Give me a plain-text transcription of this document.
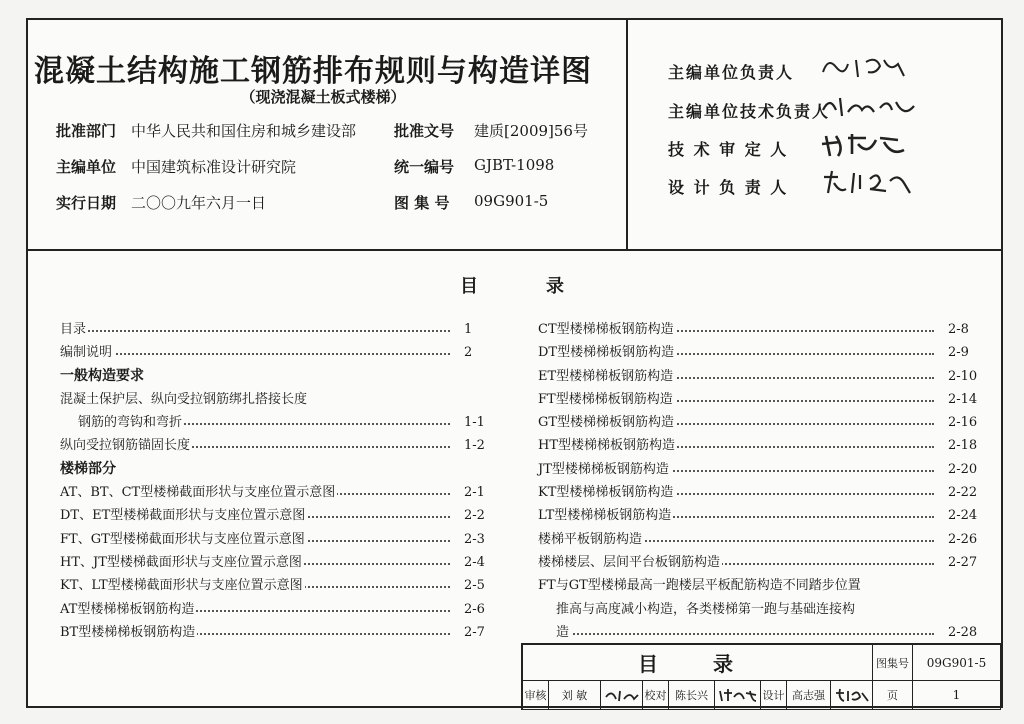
混凝土结构施工钢筋排布规则与构造详图
（现浇混凝土板式楼梯）
批准部门 中华人民共和国住房和城乡建设部	批准文号 建质[2009]56号
主编单位 中国建筑标准设计研究院	统一编号 GJBT-1098
实行日期 二〇〇九年六月一日	图 集 号 09G901-5
主编单位负责人
主编单位技术负责人
技 术 审 定 人
设 计 负 责 人
目	录
目录	1
编制说明	2
一般构造要求
混凝土保护层、纵向受拉钢筋绑扎搭接长度
钢筋的弯钩和弯折	1-1
纵向受拉钢筋锚固长度	1-2
楼梯部分
AT、BT、CT型楼梯截面形状与支座位置示意图	2-1
DT、ET型楼梯截面形状与支座位置示意图	2-2
FT、GT型楼梯截面形状与支座位置示意图	2-3
HT、JT型楼梯截面形状与支座位置示意图	2-4
KT、LT型楼梯截面形状与支座位置示意图	2-5
AT型楼梯梯板钢筋构造	2-6
BT型楼梯梯板钢筋构造	2-7
CT型楼梯梯板钢筋构造	2-8
DT型楼梯梯板钢筋构造	2-9
ET型楼梯梯板钢筋构造	2-10
FT型楼梯梯板钢筋构造	2-14
GT型楼梯梯板钢筋构造	2-16
HT型楼梯梯板钢筋构造	2-18
JT型楼梯梯板钢筋构造	2-20
KT型楼梯梯板钢筋构造	2-22
LT型楼梯梯板钢筋构造	2-24
楼梯平板钢筋构造	2-26
楼梯楼层、层间平台板钢筋构造	2-27
FT与GT型楼梯最高一跑楼层平板配筋构造不同踏步位置
推高与高度减小构造，各类楼梯第一跑与基础连接构
造	2-28
目 录	图集号	09G901-5
审核	刘 敏	校对 陈长兴	设计 高志强	页	1
